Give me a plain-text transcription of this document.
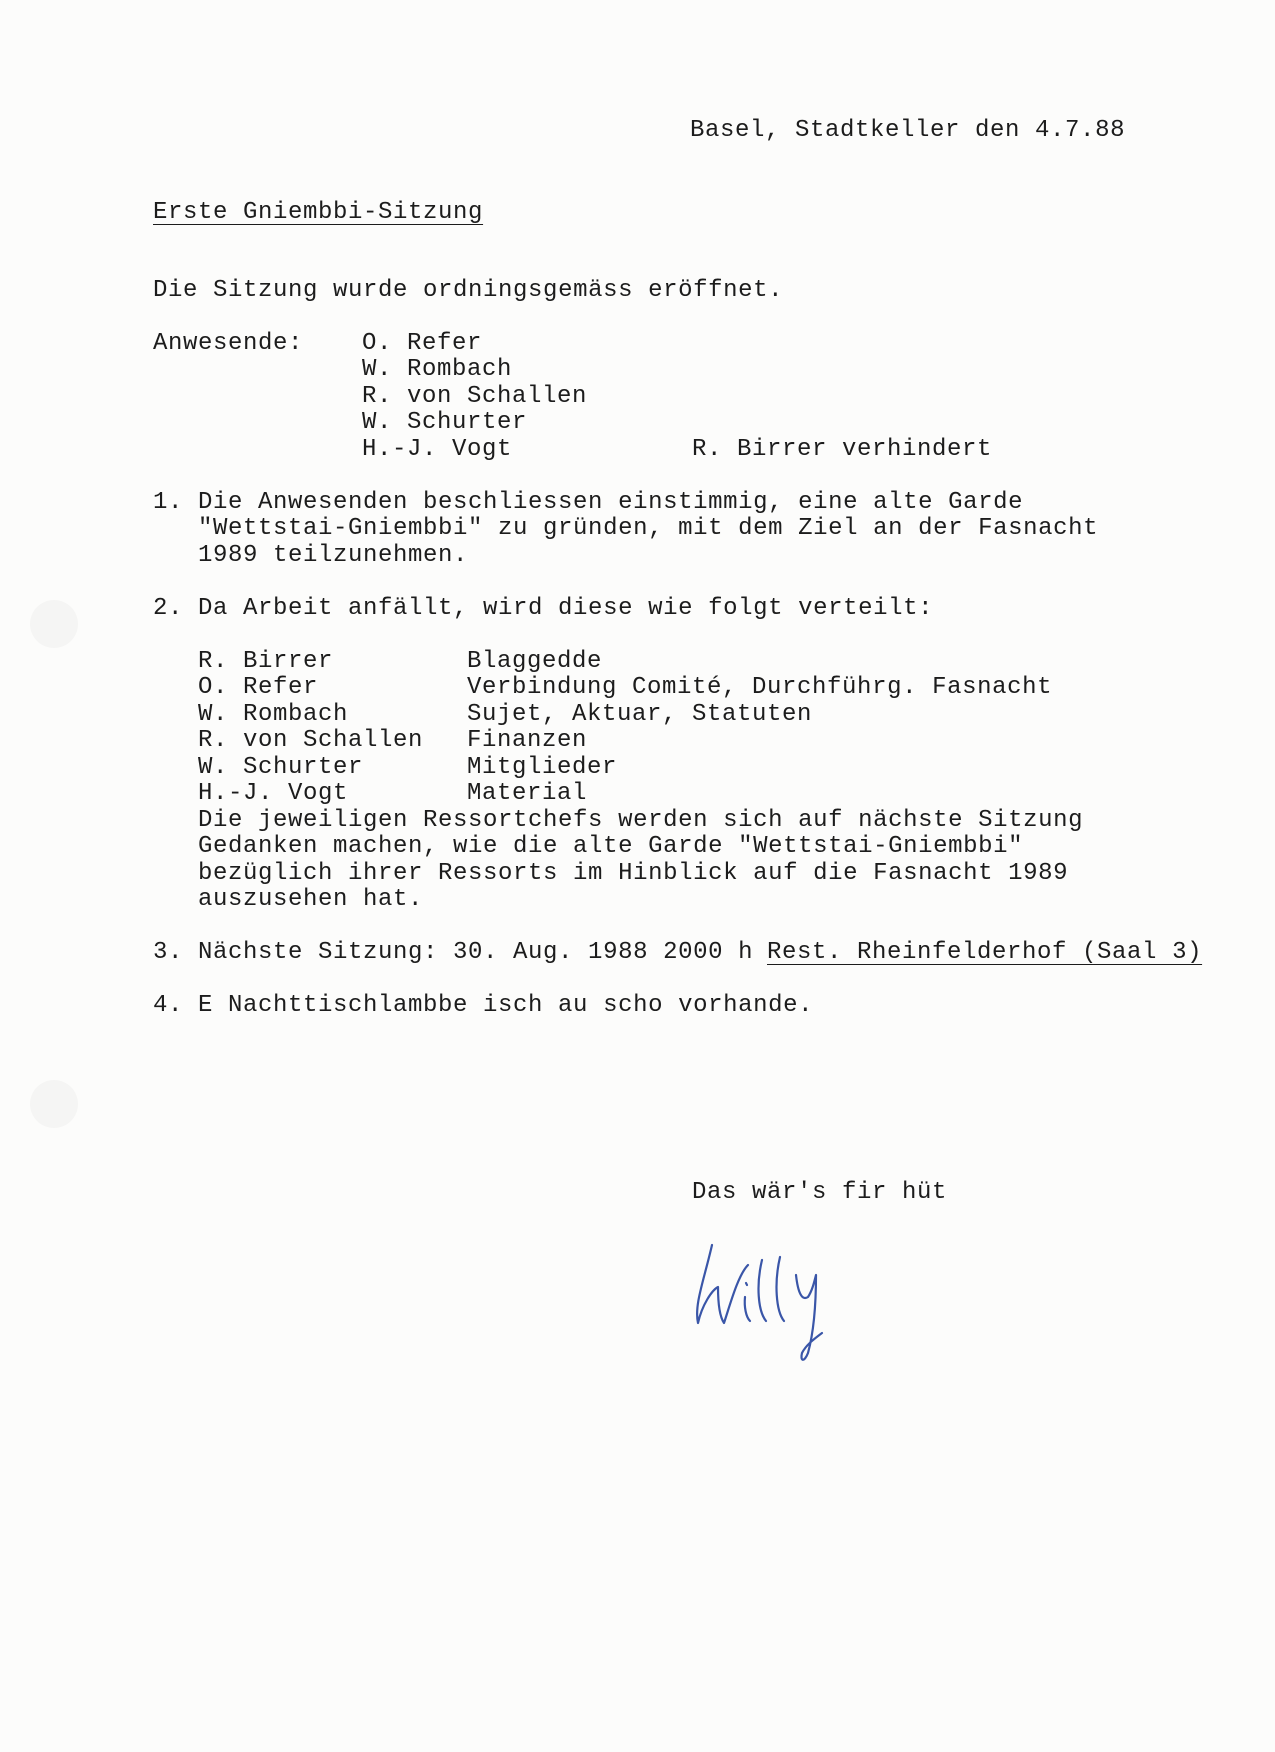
Basel, Stadtkeller den 4.7.88
Erste Gniembbi-Sitzung
Die Sitzung wurde ordningsgemäss eröffnet.
Anwesende: O. Refer
W. Rombach
R. von Schallen
W. Schurter
H.-J. Vogt	R. Birrer verhindert
1. Die Anwesenden beschliessen einstimmig, eine alte Garde
"Wettstai-Gniembbi" zu gründen, mit dem Ziel an der Fasnacht
1989 teilzunehmen.
2. Da Arbeit anfällt, wird diese wie folgt verteilt:
R. Birrer	Blaggedde
O. Refer	Verbindung Comité, Durchführg. Fasnacht
W. Rombach	Sujet, Aktuar, Statuten
R. von Schallen Finanzen
W. Schurter	Mitglieder
H.-J. Vogt	Material
Die jeweiligen Ressortchefs werden sich auf nächste Sitzung
Gedanken machen, wie die alte Garde "Wettstai-Gniembbi"
bezüglich ihrer Ressorts im Hinblick auf die Fasnacht 1989
auszusehen hat.
3. Nächste Sitzung: 30. Aug. 1988 2000 h Rest. Rheinfelderhof (Saal 3)
4. E Nachttischlambbe isch au scho vorhande.
Das wär's fir hüt
